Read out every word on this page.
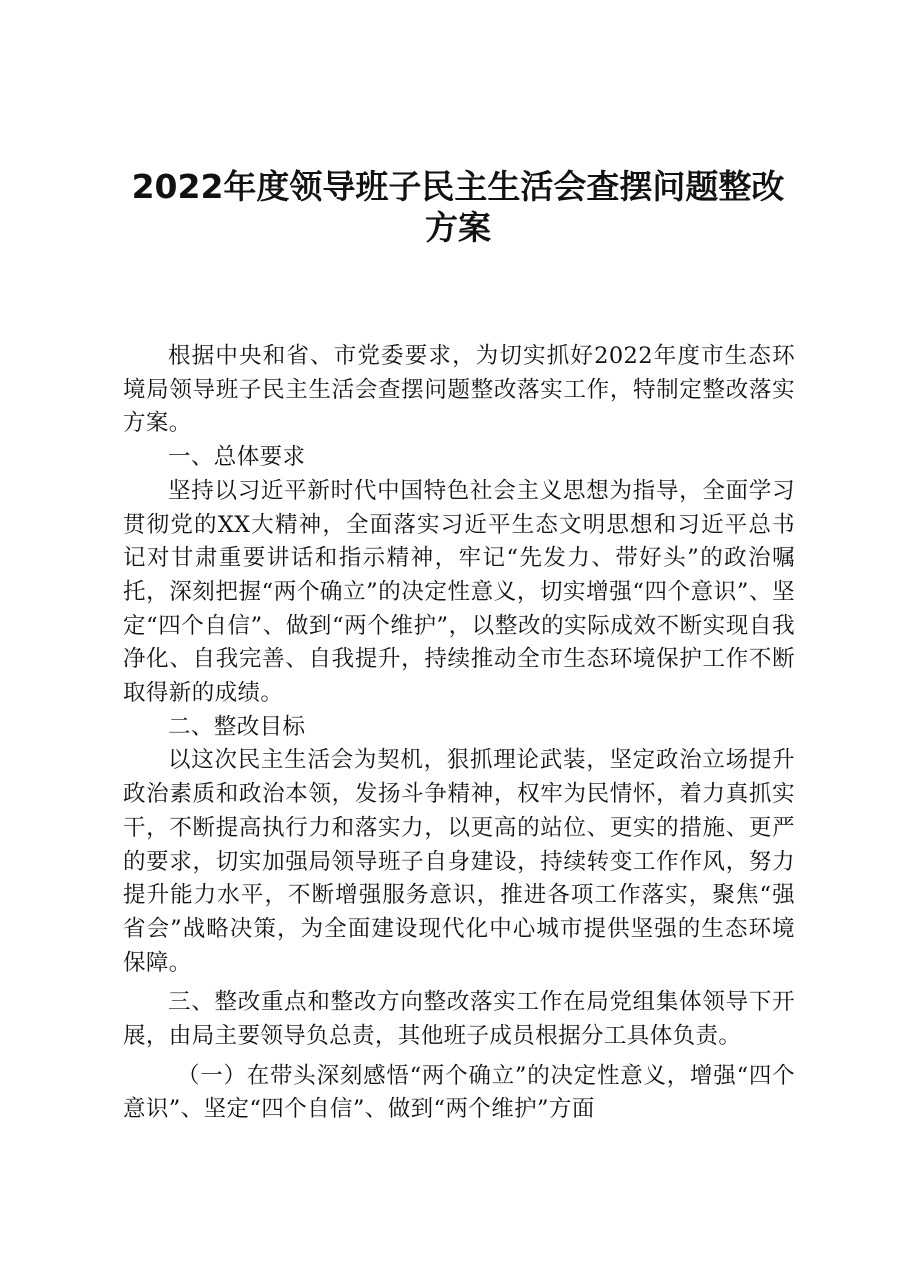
2022年度领导班子民主生活会查摆问题整改
方案

根据中央和省、市党委要求，为切实抓好2022年度市生态环境局领导班子民主生活会查摆问题整改落实工作，特制定整改落实方案。

一、总体要求

坚持以习近平新时代中国特色社会主义思想为指导，全面学习贯彻党的XX大精神，全面落实习近平生态文明思想和习近平总书记对甘肃重要讲话和指示精神，牢记“先发力、带好头”的政治嘱托，深刻把握“两个确立”的决定性意义，切实增强“四个意识”、坚定“四个自信”、做到“两个维护”，以整改的实际成效不断实现自我净化、自我完善、自我提升，持续推动全市生态环境保护工作不断取得新的成绩。

二、整改目标

以这次民主生活会为契机，狠抓理论武装，坚定政治立场提升政治素质和政治本领，发扬斗争精神，权牢为民情怀，着力真抓实干，不断提高执行力和落实力，以更高的站位、更实的措施、更严的要求，切实加强局领导班子自身建设，持续转变工作作风，努力提升能力水平，不断增强服务意识，推进各项工作落实，聚焦“强省会”战略决策，为全面建设现代化中心城市提供坚强的生态环境保障。

三、整改重点和整改方向整改落实工作在局党组集体领导下开展，由局主要领导负总责，其他班子成员根据分工具体负责。

（一）在带头深刻感悟“两个确立”的决定性意义，增强“四个意识”、坚定“四个自信”、做到“两个维护”方面
